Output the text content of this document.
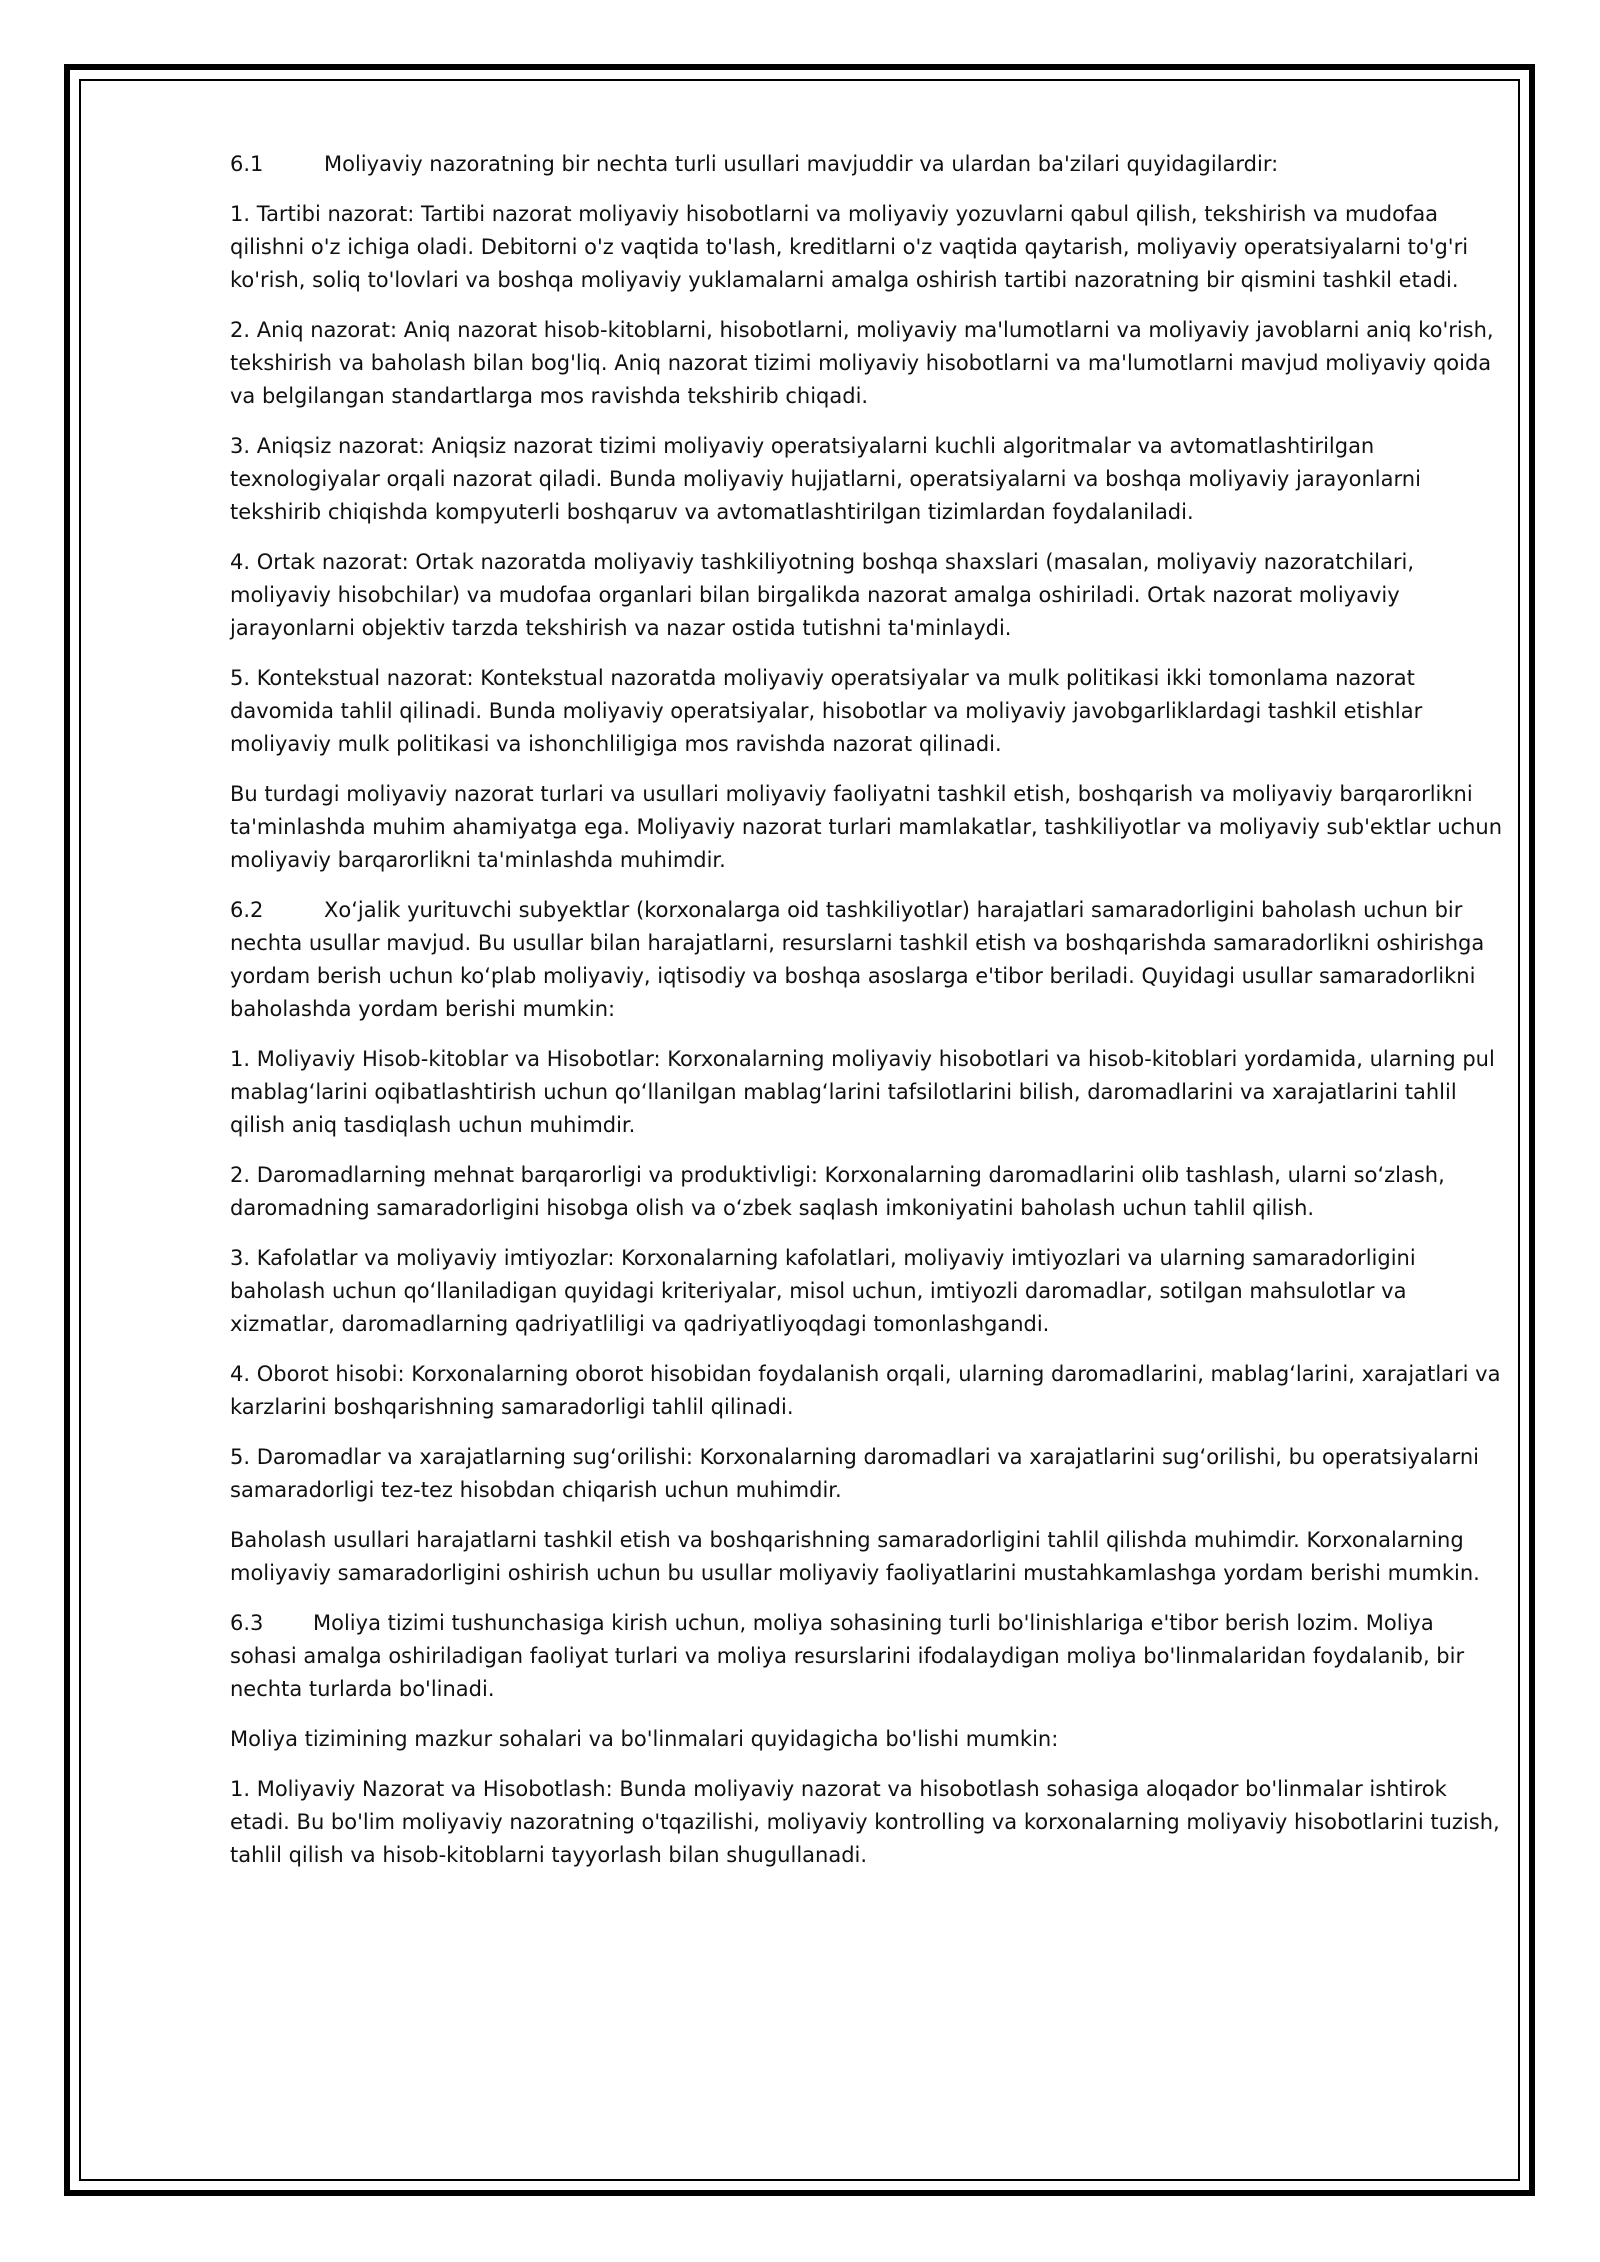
6.1	Moliyaviy nazoratning bir nechta turli usullari mavjuddir va ulardan ba'zilari quyidagilardir:

1. Tartibi nazorat: Tartibi nazorat moliyaviy hisobotlarni va moliyaviy yozuvlarni qabul qilish, tekshirish va mudofaa qilishni o'z ichiga oladi. Debitorni o'z vaqtida to'lash, kreditlarni o'z vaqtida qaytarish, moliyaviy operatsiyalarni to'g'ri ko'rish, soliq to'lovlari va boshqa moliyaviy yuklamalarni amalga oshirish tartibi nazoratning bir qismini tashkil etadi.

2. Aniq nazorat: Aniq nazorat hisob-kitoblarni, hisobotlarni, moliyaviy ma'lumotlarni va moliyaviy javoblarni aniq ko'rish, tekshirish va baholash bilan bog'liq. Aniq nazorat tizimi moliyaviy hisobotlarni va ma'lumotlarni mavjud moliyaviy qoida va belgilangan standartlarga mos ravishda tekshirib chiqadi.

3. Aniqsiz nazorat: Aniqsiz nazorat tizimi moliyaviy operatsiyalarni kuchli algoritmalar va avtomatlashtirilgan texnologiyalar orqali nazorat qiladi. Bunda moliyaviy hujjatlarni, operatsiyalarni va boshqa moliyaviy jarayonlarni tekshirib chiqishda kompyuterli boshqaruv va avtomatlashtirilgan tizimlardan foydalaniladi.

4. Ortak nazorat: Ortak nazoratda moliyaviy tashkiliyotning boshqa shaxslari (masalan, moliyaviy nazoratchilari, moliyaviy hisobchilar) va mudofaa organlari bilan birgalikda nazorat amalga oshiriladi. Ortak nazorat moliyaviy jarayonlarni objektiv tarzda tekshirish va nazar ostida tutishni ta'minlaydi.

5. Kontekstual nazorat: Kontekstual nazoratda moliyaviy operatsiyalar va mulk politikasi ikki tomonlama nazorat davomida tahlil qilinadi. Bunda moliyaviy operatsiyalar, hisobotlar va moliyaviy javobgarliklardagi tashkil etishlar moliyaviy mulk politikasi va ishonchliligiga mos ravishda nazorat qilinadi.

Bu turdagi moliyaviy nazorat turlari va usullari moliyaviy faoliyatni tashkil etish, boshqarish va moliyaviy barqarorlikni ta'minlashda muhim ahamiyatga ega. Moliyaviy nazorat turlari mamlakatlar, tashkiliyotlar va moliyaviy sub'ektlar uchun moliyaviy barqarorlikni ta'minlashda muhimdir.

6.2	Xoʻjalik yurituvchi subyektlar (korxonalarga oid tashkiliyotlar) harajatlari samaradorligini baholash uchun bir nechta usullar mavjud. Bu usullar bilan harajatlarni, resurslarni tashkil etish va boshqarishda samaradorlikni oshirishga yordam berish uchun koʻplab moliyaviy, iqtisodiy va boshqa asoslarga e'tibor beriladi. Quyidagi usullar samaradorlikni baholashda yordam berishi mumkin:

1. Moliyaviy Hisob-kitoblar va Hisobotlar: Korxonalarning moliyaviy hisobotlari va hisob-kitoblari yordamida, ularning pul mablagʻlarini oqibatlashtirish uchun qoʻllanilgan mablagʻlarini tafsilotlarini bilish, daromadlarini va xarajatlarini tahlil qilish aniq tasdiqlash uchun muhimdir.

2. Daromadlarning mehnat barqarorligi va produktivligi: Korxonalarning daromadlarini olib tashlash, ularni soʻzlash, daromadning samaradorligini hisobga olish va oʻzbek saqlash imkoniyatini baholash uchun tahlil qilish.

3. Kafolatlar va moliyaviy imtiyozlar: Korxonalarning kafolatlari, moliyaviy imtiyozlari va ularning samaradorligini baholash uchun qoʻllaniladigan quyidagi kriteriyalar, misol uchun, imtiyozli daromadlar, sotilgan mahsulotlar va xizmatlar, daromadlarning qadriyatliligi va qadriyatliyoqdagi tomonlashgandi.

4. Oborot hisobi: Korxonalarning oborot hisobidan foydalanish orqali, ularning daromadlarini, mablagʻlarini, xarajatlari va karzlarini boshqarishning samaradorligi tahlil qilinadi.

5. Daromadlar va xarajatlarning sugʻorilishi: Korxonalarning daromadlari va xarajatlarini sugʻorilishi, bu operatsiyalarni samaradorligi tez-tez hisobdan chiqarish uchun muhimdir.

Baholash usullari harajatlarni tashkil etish va boshqarishning samaradorligini tahlil qilishda muhimdir. Korxonalarning moliyaviy samaradorligini oshirish uchun bu usullar moliyaviy faoliyatlarini mustahkamlashga yordam berishi mumkin.

6.3 Moliya tizimi tushunchasiga kirish uchun, moliya sohasining turli bo'linishlariga e'tibor berish lozim. Moliya sohasi amalga oshiriladigan faoliyat turlari va moliya resurslarini ifodalaydigan moliya bo'linmalaridan foydalanib, bir nechta turlarda bo'linadi.

Moliya tizimining mazkur sohalari va bo'linmalari quyidagicha bo'lishi mumkin:

1. Moliyaviy Nazorat va Hisobotlash: Bunda moliyaviy nazorat va hisobotlash sohasiga aloqador bo'linmalar ishtirok etadi. Bu bo'lim moliyaviy nazoratning o'tqazilishi, moliyaviy kontrolling va korxonalarning moliyaviy hisobotlarini tuzish, tahlil qilish va hisob-kitoblarni tayyorlash bilan shugullanadi.
